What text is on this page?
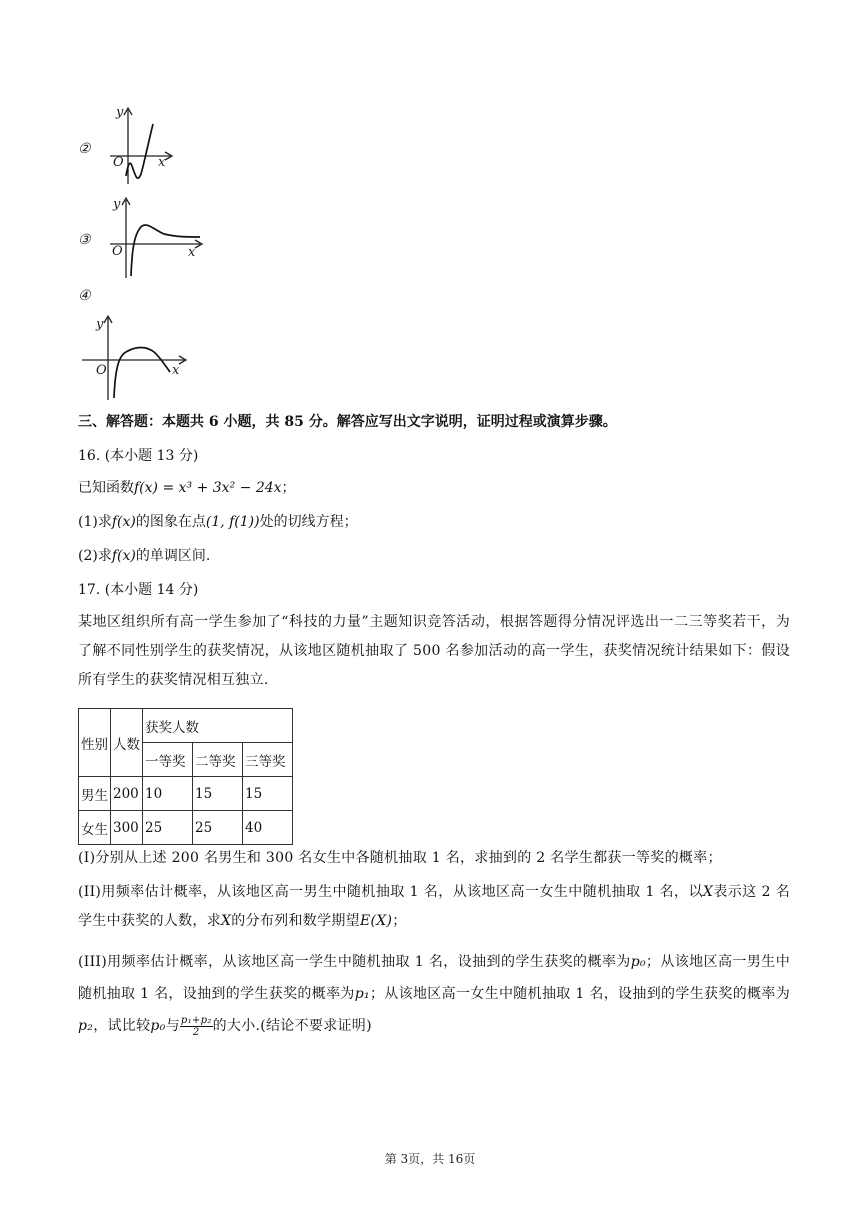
②
y
O	x
③
y
O	x
④
y
O	x
三、解答题：本题共 6 小题，共 85 分。解答应写出文字说明，证明过程或演算步骤。
16. (本小题 13 分)
已知函数f(x) = x³ + 3x² − 24x；
(1)求f(x)的图象在点(1, f(1))处的切线方程；
(2)求f(x)的单调区间.
17. (本小题 14 分)
某地区组织所有高一学生参加了“科技的力量”主题知识竞答活动，根据答题得分情况评选出一二三等奖若干，为了解不同性别学生的获奖情况，从该地区随机抽取了 500 名参加活动的高一学生，获奖情况统计结果如下：假设所有学生的获奖情况相互独立.
性别	人数	获奖人数		
		一等奖	二等奖	三等奖
男生	200	10	15	15
女生	300	25	25	40
(I)分别从上述 200 名男生和 300 名女生中各随机抽取 1 名，求抽到的 2 名学生都获一等奖的概率；
(II)用频率估计概率，从该地区高一男生中随机抽取 1 名，从该地区高一女生中随机抽取 1 名，以X表示这 2 名学生中获奖的人数，求X的分布列和数学期望E(X)；
(III)用频率估计概率，从该地区高一学生中随机抽取 1 名，设抽到的学生获奖的概率为p₀；从该地区高一男生中随机抽取 1 名，设抽到的学生获奖的概率为p₁；从该地区高一女生中随机抽取 1 名，设抽到的学生获奖的概率为p₂，试比较p₀与 $\frac{\text{p₁+p₂}}{2}$ 的大小.(结论不要求证明)
第 3页，共 16页
